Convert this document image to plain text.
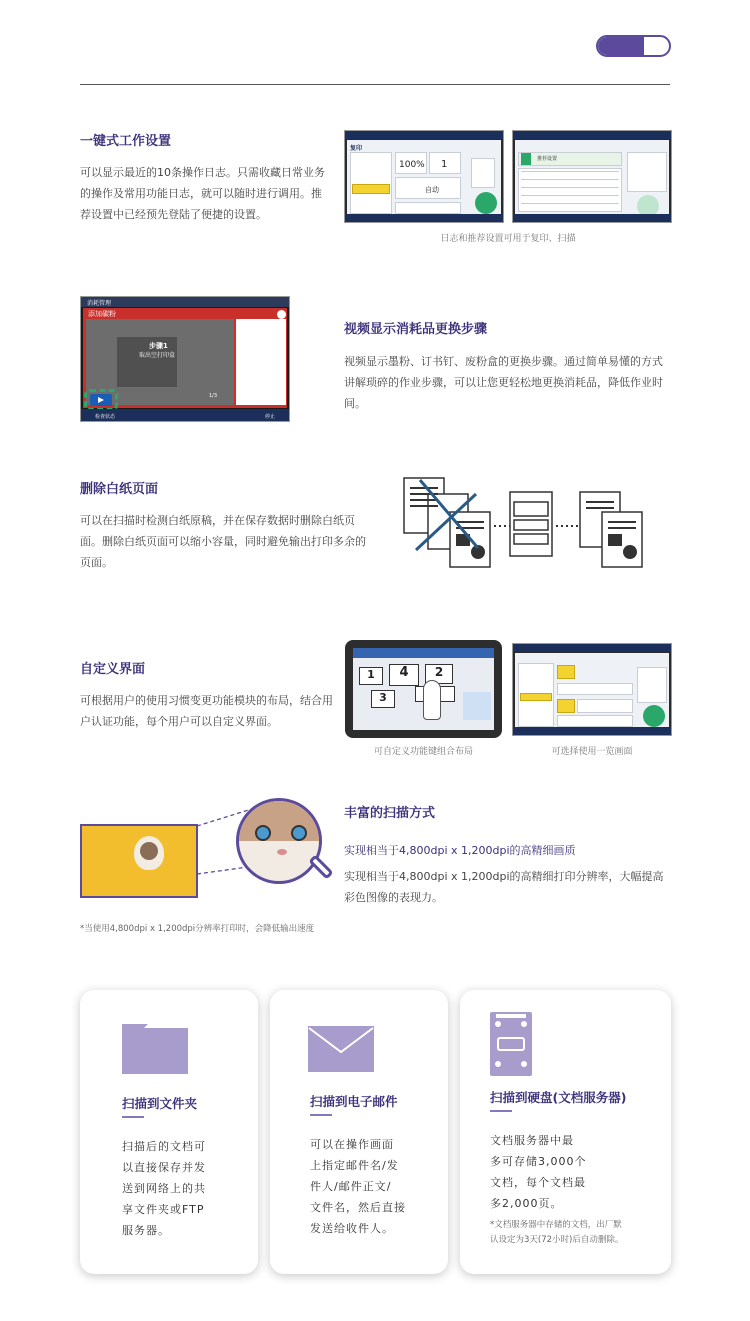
一键式工作设置
可以显示最近的10条操作日志。只需收藏日常业务的操作及常用功能日志，就可以随时进行调用。推荐设置中已经预先登陆了便捷的设置。
复印
100% 1
自动
推荐设置
日志和推荐设置可用于复印、扫描
消耗管理
添加碳粉
步骤1
取出空打印盒
1/3
检查状态	停止
视频显示消耗品更换步骤
视频显示墨粉、订书钉、废粉盒的更换步骤。通过简单易懂的方式讲解琐碎的作业步骤，可以让您更轻松地更换消耗品，降低作业时间。
删除白纸页面
可以在扫描时检测白纸原稿，并在保存数据时删除白纸页面。删除白纸页面可以缩小容量，同时避免输出打印多余的页面。
自定义界面
可根据用户的使用习惯变更功能模块的布局，结合用户认证功能，每个用户可以自定义界面。
1	4	2
3
可自定义功能键组合布局	可选择使用一览画面
丰富的扫描方式
实现相当于4,800dpi x 1,200dpi的高精细画质
实现相当于4,800dpi x 1,200dpi的高精细打印分辨率，大幅提高彩色图像的表现力。
*当使用4,800dpi x 1,200dpi分辨率打印时，会降低输出速度
扫描到文件夹
扫描后的文档可
以直接保存并发
送到网络上的共
享文件夹或FTP
服务器。
扫描到电子邮件
可以在操作画面
上指定邮件名/发
件人/邮件正文/
文件名，然后直接
发送给收件人。
扫描到硬盘(文档服务器)
文档服务器中最
多可存储3,000个
文档，每个文档最
多2,000页。
*文档服务器中存储的文档，出厂默
认设定为3天(72小时)后自动删除。
